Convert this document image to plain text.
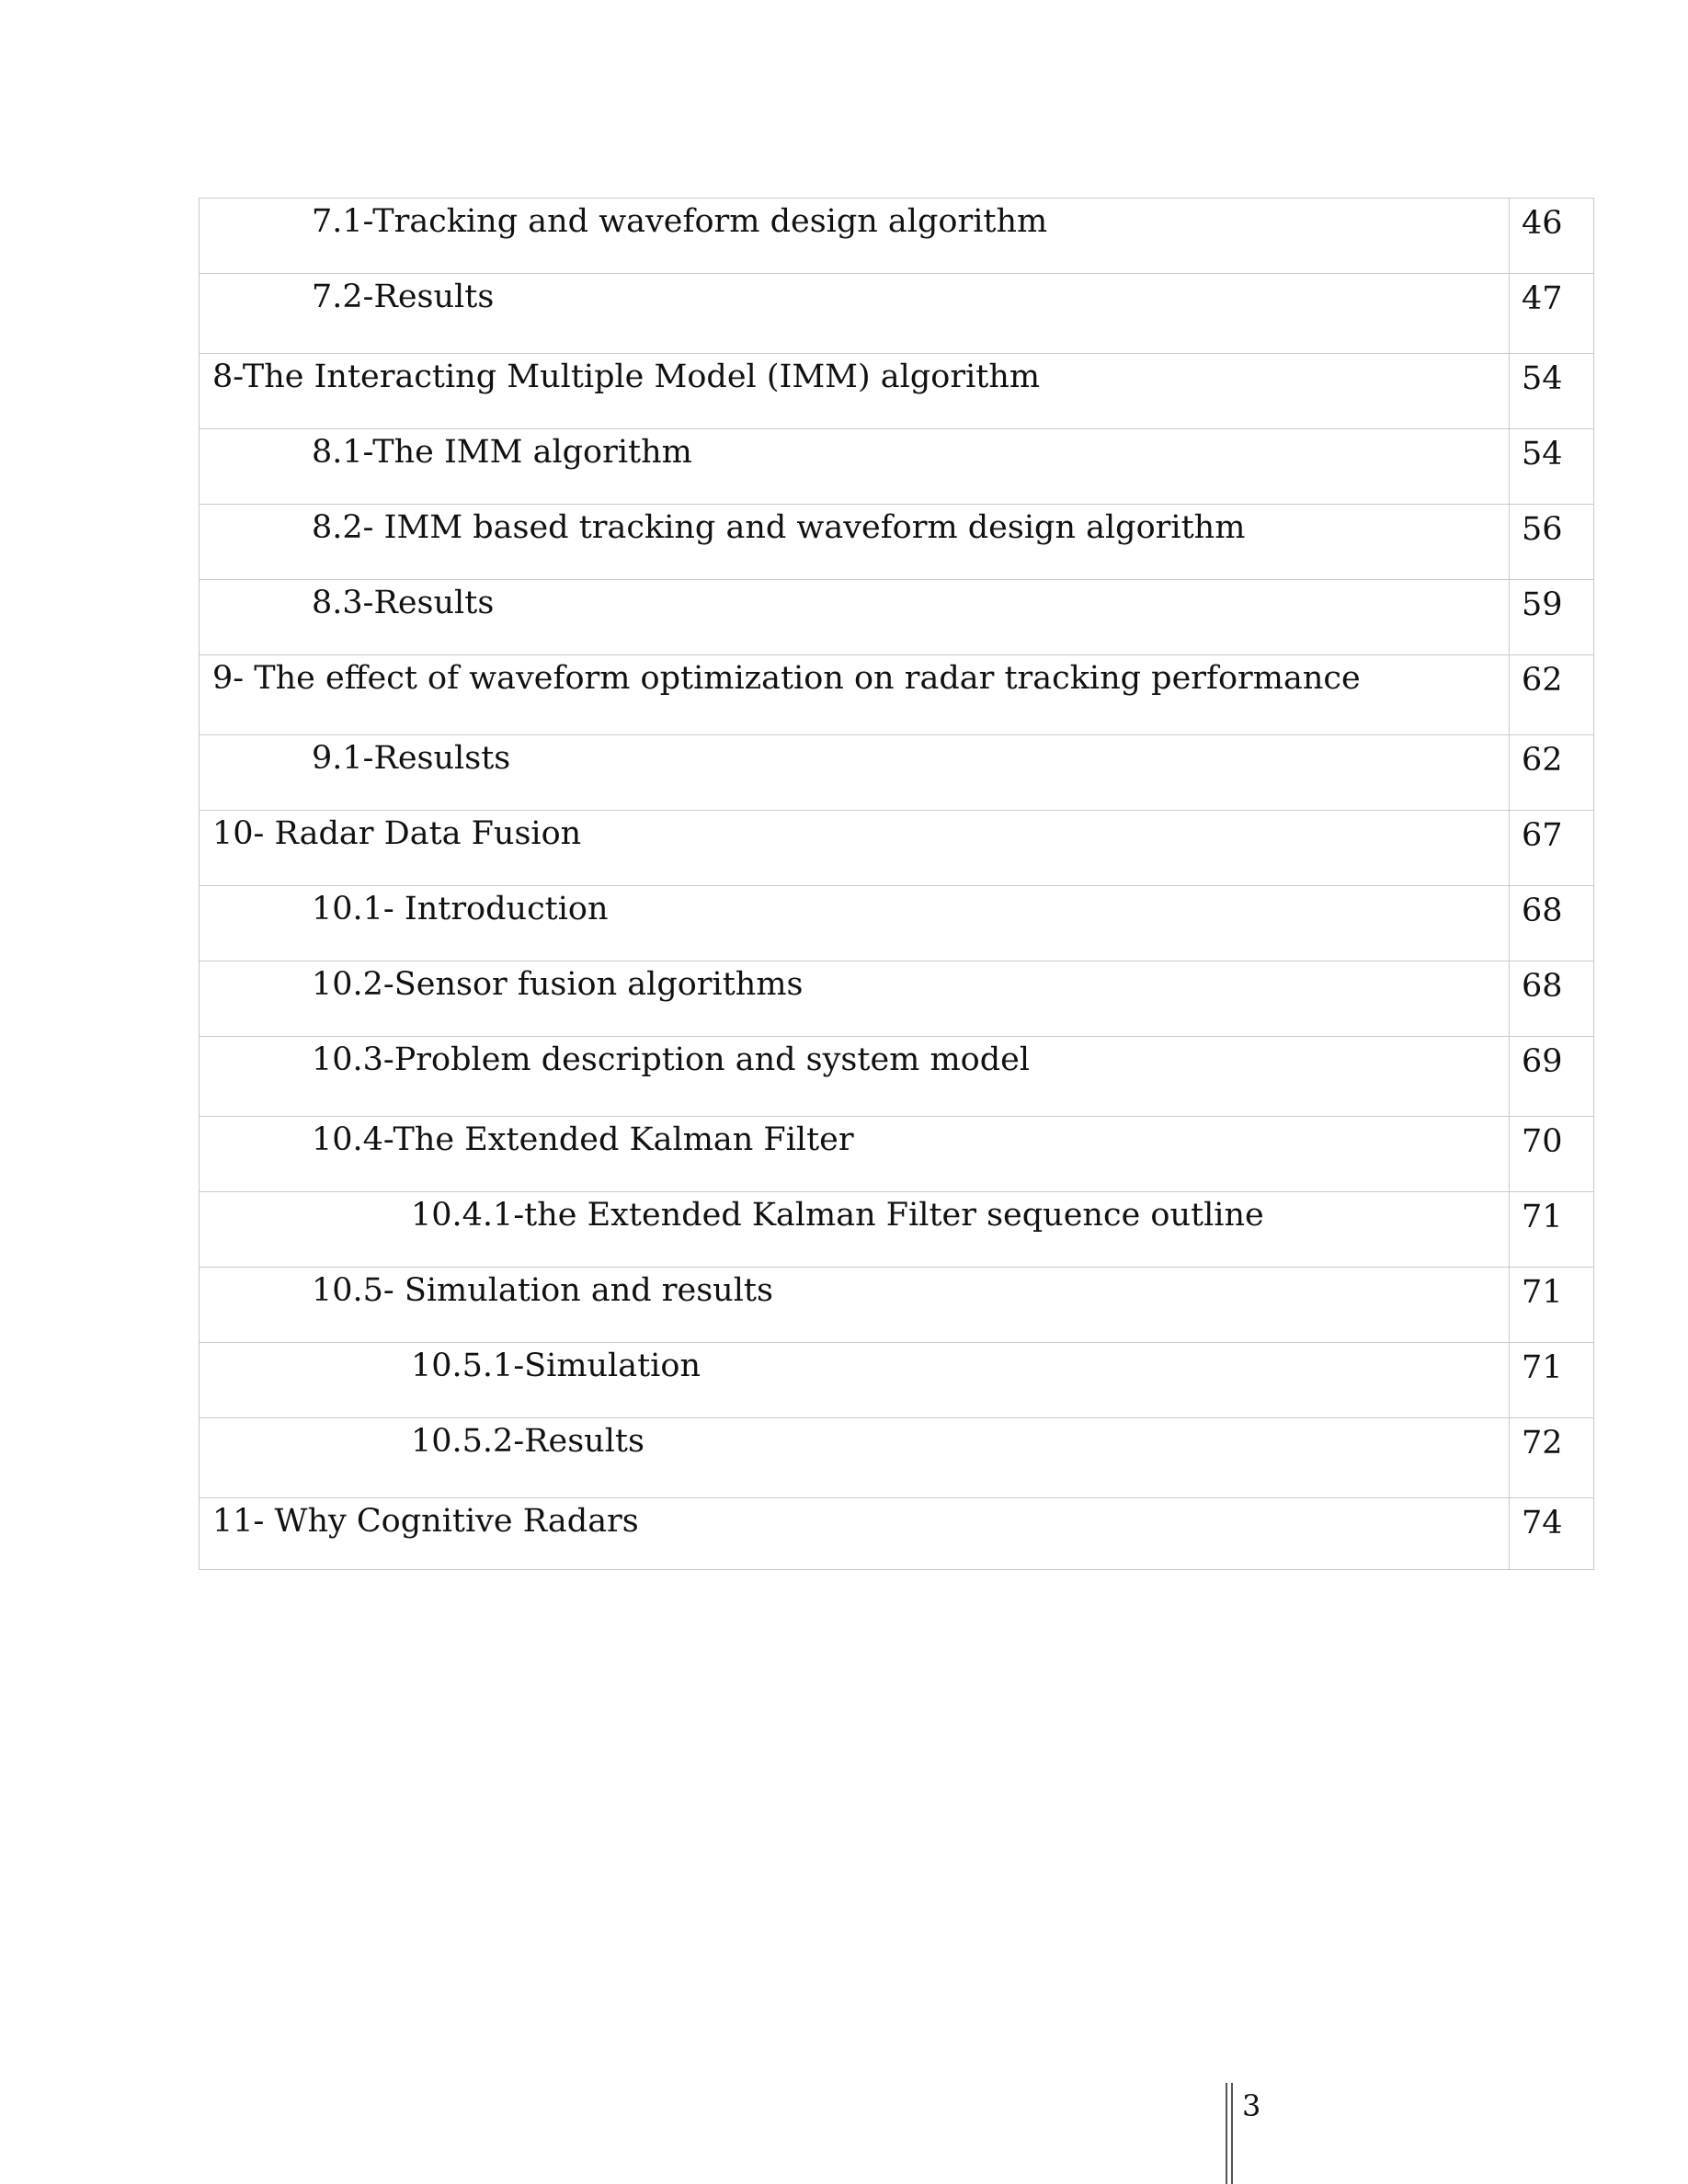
7.1-Tracking and waveform design algorithm	46
7.2-Results	47
8-The Interacting Multiple Model (IMM) algorithm	54
8.1-The IMM algorithm	54
8.2- IMM based tracking and waveform design algorithm	56
8.3-Results	59
9- The effect of waveform optimization on radar tracking performance	62
9.1-Resulsts	62
10- Radar Data Fusion	67
10.1- Introduction	68
10.2-Sensor fusion algorithms	68
10.3-Problem description and system model	69
10.4-The Extended Kalman Filter	70
10.4.1-the Extended Kalman Filter sequence outline	71
10.5- Simulation and results	71
10.5.1-Simulation	71
10.5.2-Results	72
11- Why Cognitive Radars	74
3
